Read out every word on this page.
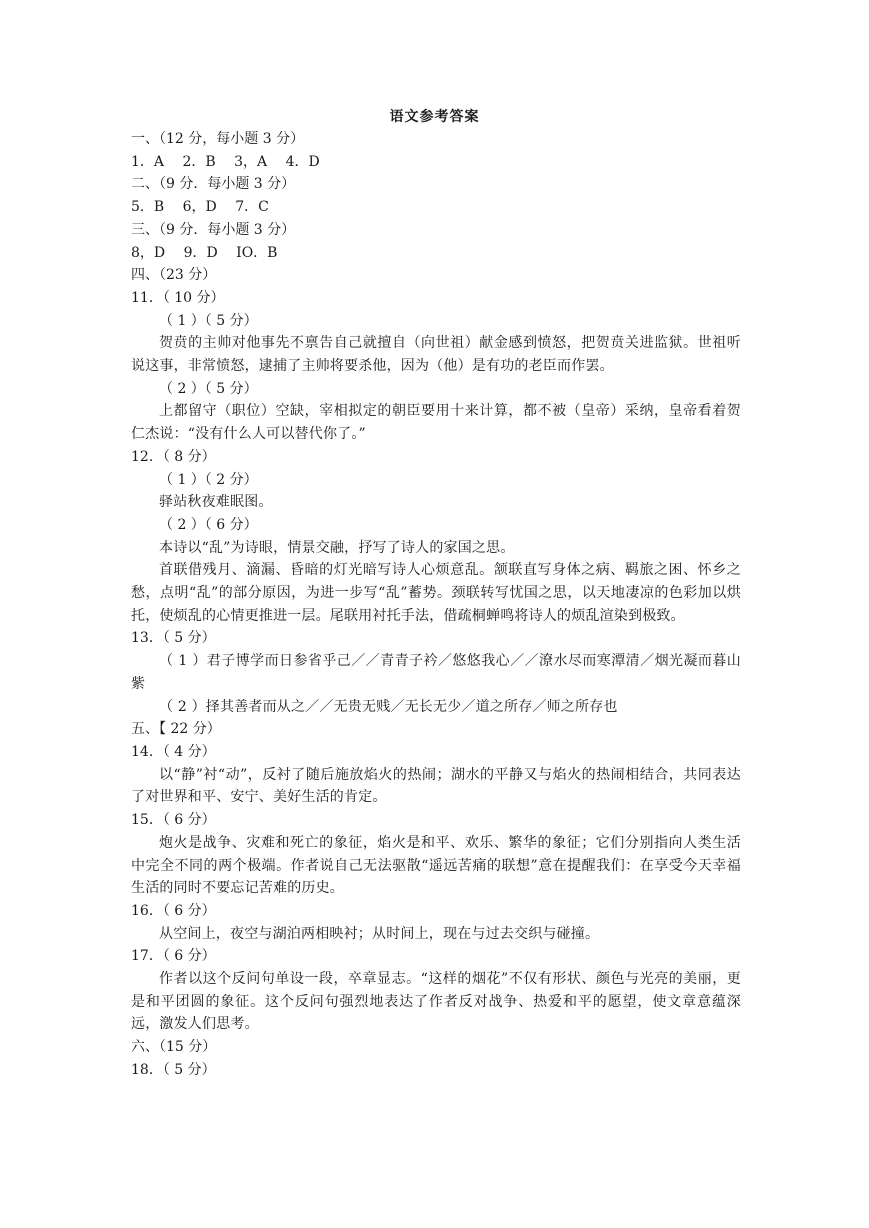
语文参考答案
一、（12 分，每小题 3 分）
1．A　 2．B　 3，A　 4．D
二、（9 分．每小题 3 分）
5．B　 6，D　 7．C
三、（9 分．每小题 3 分）
8，D　 9．D　 IO．B
四、（23 分）
11．（ 10 分）
（ 1 ）（ 5 分）
贺贲的主帅对他事先不禀告自己就擅自（向世祖）献金感到愤怒，把贺贲关进监狱。世祖听说这事，非常愤怒，逮捕了主帅将要杀他，因为（他）是有功的老臣而作罢。
（ 2 ）（ 5 分）
上都留守（职位）空缺，宰相拟定的朝臣要用十来计算，都不被（皇帝）采纳，皇帝看着贺仁杰说：“没有什么人可以替代你了。”
12．（ 8 分）
（ 1 ）（ 2 分）
驿站秋夜难眠图。
（ 2 ）（ 6 分）
本诗以“乱”为诗眼，情景交融，抒写了诗人的家国之思。
首联借残月、滴漏、昏暗的灯光暗写诗人心烦意乱。颔联直写身体之病、羁旅之困、怀乡之愁，点明“乱”的部分原因，为进一步写“乱”蓄势。颈联转写忧国之思，以天地凄凉的色彩加以烘托，使烦乱的心情更推进一层。尾联用衬托手法，借疏桐蝉鸣将诗人的烦乱渲染到极致。
13．（ 5 分）
（ 1 ）君子博学而日参省乎己／／青青子衿／悠悠我心／／潦水尽而寒潭清／烟光凝而暮山紫
（ 2 ）择其善者而从之／／无贵无贱／无长无少／道之所存／师之所存也
五、【 22 分）
14．（ 4 分）
以“静”衬“动”，反衬了随后施放焰火的热闹；湖水的平静又与焰火的热闹相结合，共同表达了对世界和平、安宁、美好生活的肯定。
15．（ 6 分）
炮火是战争、灾难和死亡的象征，焰火是和平、欢乐、繁华的象征；它们分别指向人类生活中完全不同的两个极端。作者说自己无法驱散“遥远苦痛的联想”意在提醒我们：在享受今天幸福生活的同时不要忘记苦难的历史。
16．（ 6 分）
从空间上，夜空与湖泊两相映衬；从时间上，现在与过去交织与碰撞。
17．（ 6 分）
作者以这个反问句单设一段，卒章显志。“这样的烟花”不仅有形状、颜色与光亮的美丽，更是和平团圆的象征。这个反问句强烈地表达了作者反对战争、热爱和平的愿望，使文章意蕴深远，激发人们思考。
六、（15 分）
18．（ 5 分）
